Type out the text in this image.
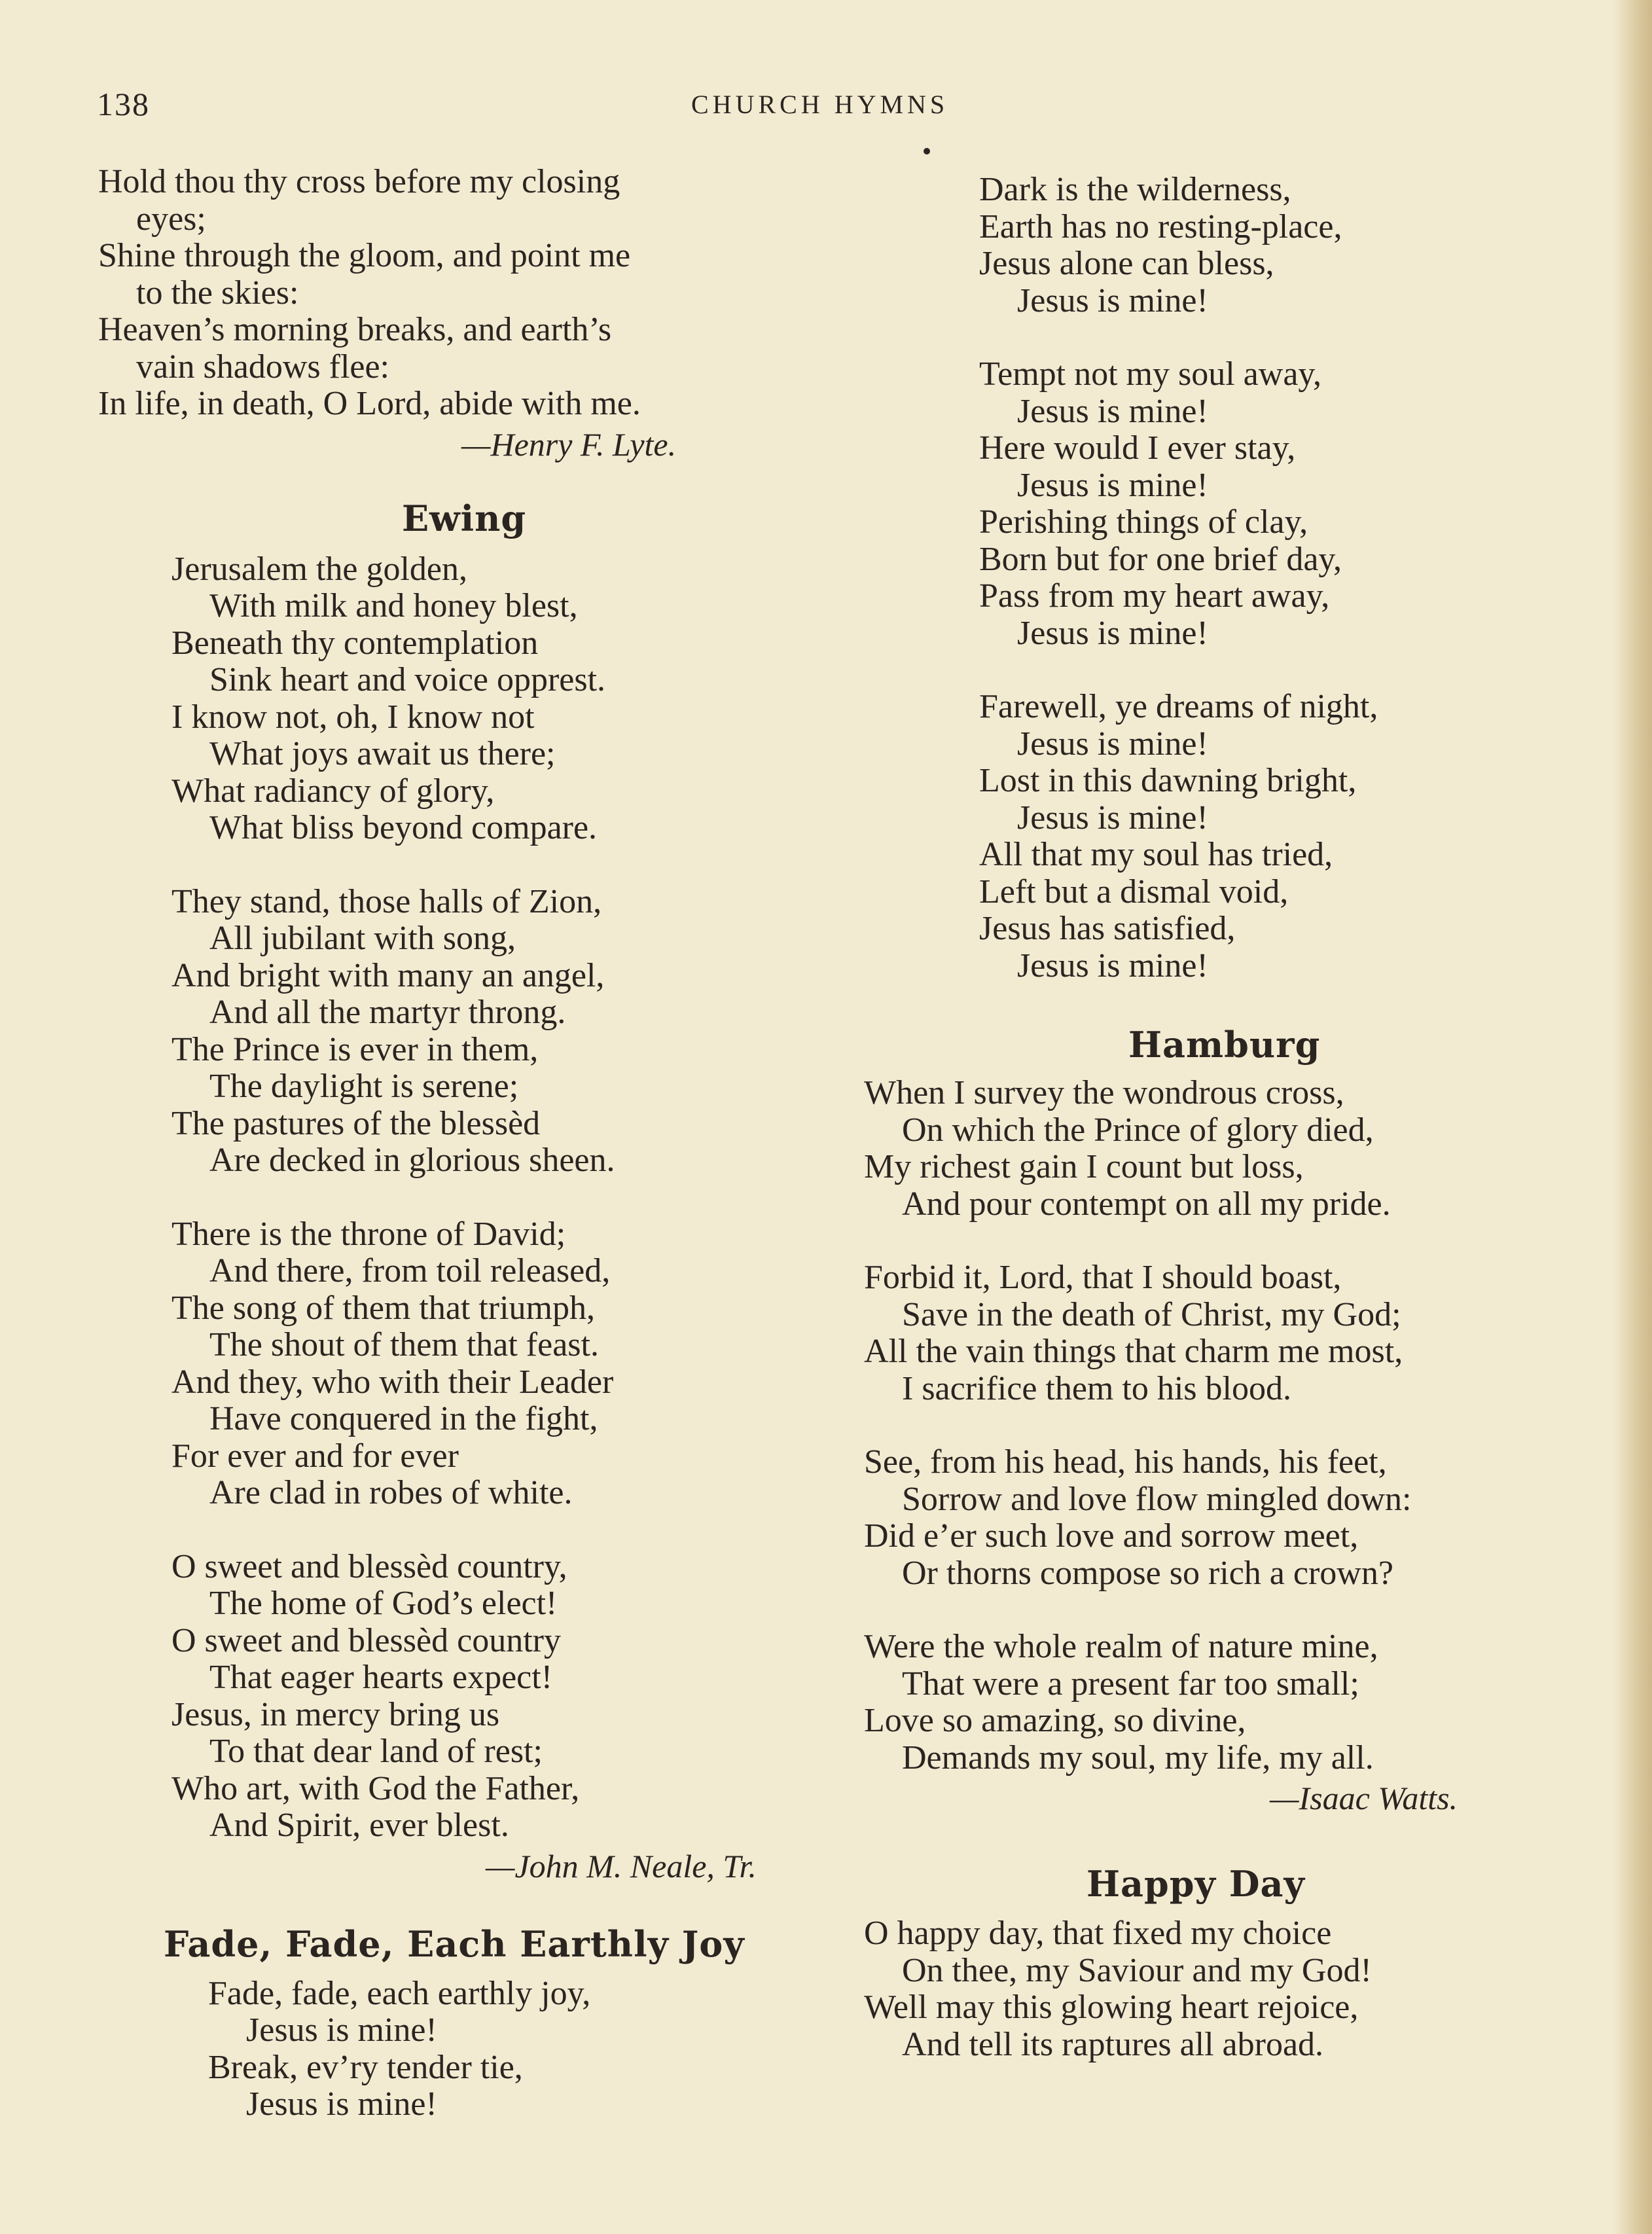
138	CHURCH HYMNS
Hold thou thy cross before my closing
eyes;
Shine through the gloom, and point me
to the skies:
Heaven’s morning breaks, and earth’s
vain shadows flee:
In life, in death, O Lord, abide with me.
—Henry F. Lyte.
Ewing
Jerusalem the golden,
With milk and honey blest,
Beneath thy contemplation
Sink heart and voice opprest.
I know not, oh, I know not
What joys await us there;
What radiancy of glory,
What bliss beyond compare.
They stand, those halls of Zion,
All jubilant with song,
And bright with many an angel,
And all the martyr throng.
The Prince is ever in them,
The daylight is serene;
The pastures of the blessèd
Are decked in glorious sheen.
There is the throne of David;
And there, from toil released,
The song of them that triumph,
The shout of them that feast.
And they, who with their Leader
Have conquered in the fight,
For ever and for ever
Are clad in robes of white.
O sweet and blessèd country,
The home of God’s elect!
O sweet and blessèd country
That eager hearts expect!
Jesus, in mercy bring us
To that dear land of rest;
Who art, with God the Father,
And Spirit, ever blest.
—John M. Neale, Tr.
Fade, Fade, Each Earthly Joy
Fade, fade, each earthly joy,
Jesus is mine!
Break, ev’ry tender tie,
Jesus is mine!
Dark is the wilderness,
Earth has no resting-place,
Jesus alone can bless,
Jesus is mine!
Tempt not my soul away,
Jesus is mine!
Here would I ever stay,
Jesus is mine!
Perishing things of clay,
Born but for one brief day,
Pass from my heart away,
Jesus is mine!
Farewell, ye dreams of night,
Jesus is mine!
Lost in this dawning bright,
Jesus is mine!
All that my soul has tried,
Left but a dismal void,
Jesus has satisfied,
Jesus is mine!
Hamburg
When I survey the wondrous cross,
On which the Prince of glory died,
My richest gain I count but loss,
And pour contempt on all my pride.
Forbid it, Lord, that I should boast,
Save in the death of Christ, my God;
All the vain things that charm me most,
I sacrifice them to his blood.
See, from his head, his hands, his feet,
Sorrow and love flow mingled down:
Did e’er such love and sorrow meet,
Or thorns compose so rich a crown?
Were the whole realm of nature mine,
That were a present far too small;
Love so amazing, so divine,
Demands my soul, my life, my all.
—Isaac Watts.
Happy Day
O happy day, that fixed my choice
On thee, my Saviour and my God!
Well may this glowing heart rejoice,
And tell its raptures all abroad.
